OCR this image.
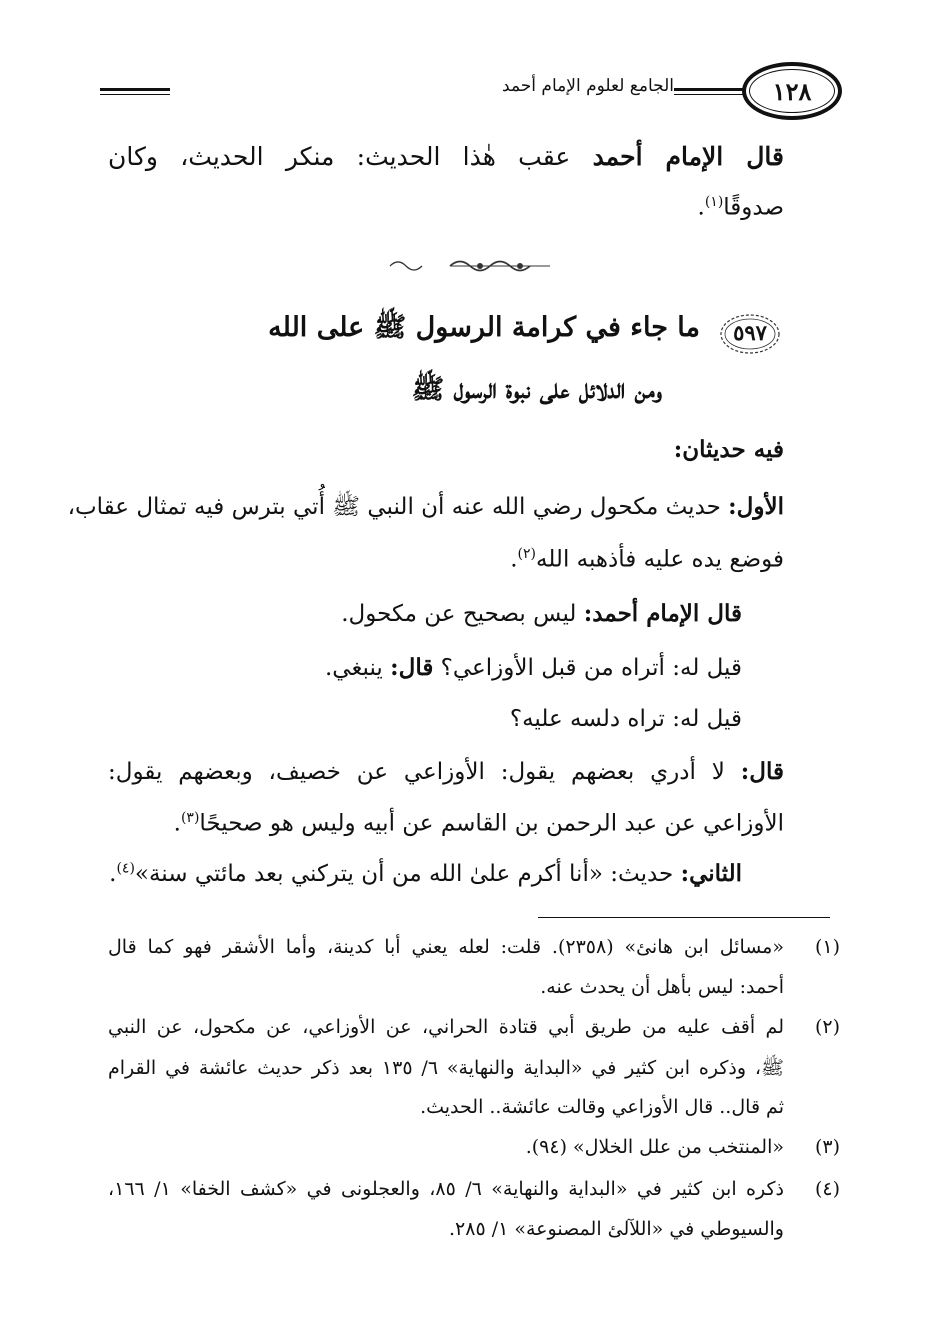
١٢٨
الجامع لعلوم الإمام أحمد
قال الإمام أحمد عقب هٰذا الحديث: منكر الحديث، وكان
صدوقًا$^{(١)}$.
٥٩٧
ما جاء في كرامة الرسول ﷺ على الله
ومن الدلائل على نبوة الرسول ﷺ
فيه حديثان:
الأول: حديث مكحول رضي الله عنه أن النبي ﷺ أُتي بترس فيه تمثال عقاب،
فوضع يده عليه فأذهبه الله$^{(٢)}$.
قال الإمام أحمد: ليس بصحيح عن مكحول.
قيل له: أتراه من قبل الأوزاعي؟ قال: ينبغي.
قيل له: تراه دلسه عليه؟
قال: لا أدري بعضهم يقول: الأوزاعي عن خصيف، وبعضهم يقول:
الأوزاعي عن عبد الرحمن بن القاسم عن أبيه وليس هو صحيحًا$^{(٣)}$.
الثاني: حديث: «أنا أكرم علىٰ الله من أن يتركني بعد مائتي سنة»$^{(٤)}$.
(١)
«مسائل ابن هانئ» (٢٣٥٨). قلت: لعله يعني أبا كدينة، وأما الأشقر فهو كما قال
أحمد: ليس بأهل أن يحدث عنه.
(٢)
لم أقف عليه من طريق أبي قتادة الحراني، عن الأوزاعي، عن مكحول، عن النبي
ﷺ، وذكره ابن كثير في «البداية والنهاية» ٦/ ١٣٥ بعد ذكر حديث عائشة في القرام
ثم قال.. قال الأوزاعي وقالت عائشة.. الحديث.
(٣)
«المنتخب من علل الخلال» (٩٤).
(٤)
ذكره ابن كثير في «البداية والنهاية» ٦/ ٨٥، والعجلونى في «كشف الخفا» ١/ ١٦٦،
والسيوطي في «اللآلئ المصنوعة» ١/ ٢٨٥.
